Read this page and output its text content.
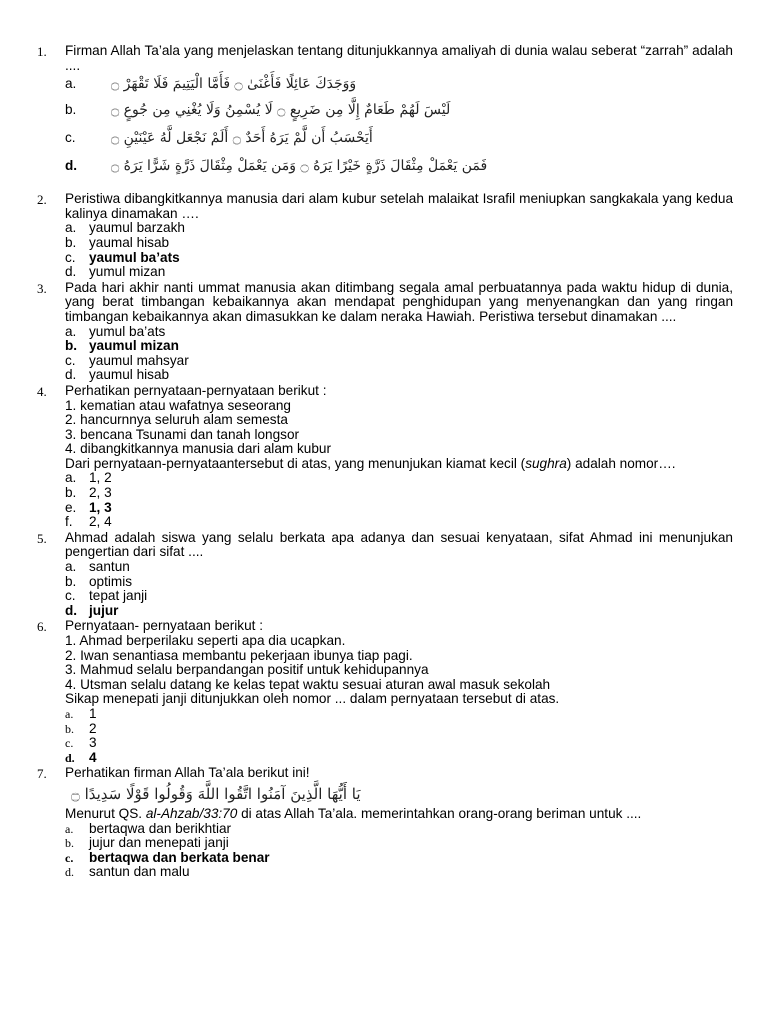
1. Firman Allah Ta’ala yang menjelaskan tentang ditunjukkannya amaliyah di dunia walau seberat “zarrah” adalah ....
a.	وَوَجَدَكَ عَائِلًا فَأَغْنَىٰ ۝ فَأَمَّا الْيَتِيمَ فَلَا تَقْهَرْ ۝
b.	لَيْسَ لَهُمْ طَعَامٌ إِلَّا مِن ضَرِيعٍ ۝ لَا يُسْمِنُ وَلَا يُغْنِي مِن جُوعٍ ۝
c.	أَيَحْسَبُ أَن لَّمْ يَرَهُ أَحَدٌ ۝ أَلَمْ نَجْعَل لَّهُ عَيْنَيْنِ ۝
d.	فَمَن يَعْمَلْ مِثْقَالَ ذَرَّةٍ خَيْرًا يَرَهُ ۝ وَمَن يَعْمَلْ مِثْقَالَ ذَرَّةٍ شَرًّا يَرَهُ ۝
2. Peristiwa dibangkitkannya manusia dari alam kubur setelah malaikat Israfil meniupkan sangkakala yang kedua kalinya dinamakan ….
a. yaumul barzakh
b. yaumal hisab
c. yaumul ba’ats
d. yumul mizan
3. Pada hari akhir nanti ummat manusia akan ditimbang segala amal perbuatannya pada waktu hidup di dunia, yang berat timbangan kebaikannya akan mendapat penghidupan yang menyenangkan dan yang ringan timbangan kebaikannya akan dimasukkan ke dalam neraka Hawiah. Peristiwa tersebut dinamakan ....
a. yumul ba’ats
b. yaumul mizan
c. yaumul mahsyar
d. yaumul hisab
4. Perhatikan pernyataan-pernyataan berikut :
1. kematian atau wafatnya seseorang
2. hancurnnya seluruh alam semesta
3. bencana Tsunami dan tanah longsor
4. dibangkitkannya manusia dari alam kubur
Dari pernyataan-pernyataantersebut di atas, yang menunjukan kiamat kecil (sughra) adalah nomor….
a. 1, 2
b. 2, 3
e. 1, 3
f. 2, 4
5. Ahmad adalah siswa yang selalu berkata apa adanya dan sesuai kenyataan, sifat Ahmad ini menunjukan pengertian dari sifat ....
a. santun
b. optimis
c. tepat janji
d. jujur
6. Pernyataan- pernyataan berikut :
1. Ahmad berperilaku seperti apa dia ucapkan.
2. Iwan senantiasa membantu pekerjaan ibunya tiap pagi.
3. Mahmud selalu berpandangan positif untuk kehidupannya
4. Utsman selalu datang ke kelas tepat waktu sesuai aturan awal masuk sekolah
Sikap menepati janji ditunjukkan oleh nomor ... dalam pernyataan tersebut di atas.
a. 1
b. 2
c. 3
d. 4
7. Perhatikan firman Allah Ta’ala berikut ini!
يَا أَيُّهَا الَّذِينَ آمَنُوا اتَّقُوا اللَّهَ وَقُولُوا قَوْلًا سَدِيدًا ۝
Menurut QS. al-Ahzab/33:70 di atas Allah Ta’ala. memerintahkan orang-orang beriman untuk ....
a. bertaqwa dan berikhtiar
b. jujur dan menepati janji
c. bertaqwa dan berkata benar
d. santun dan malu
